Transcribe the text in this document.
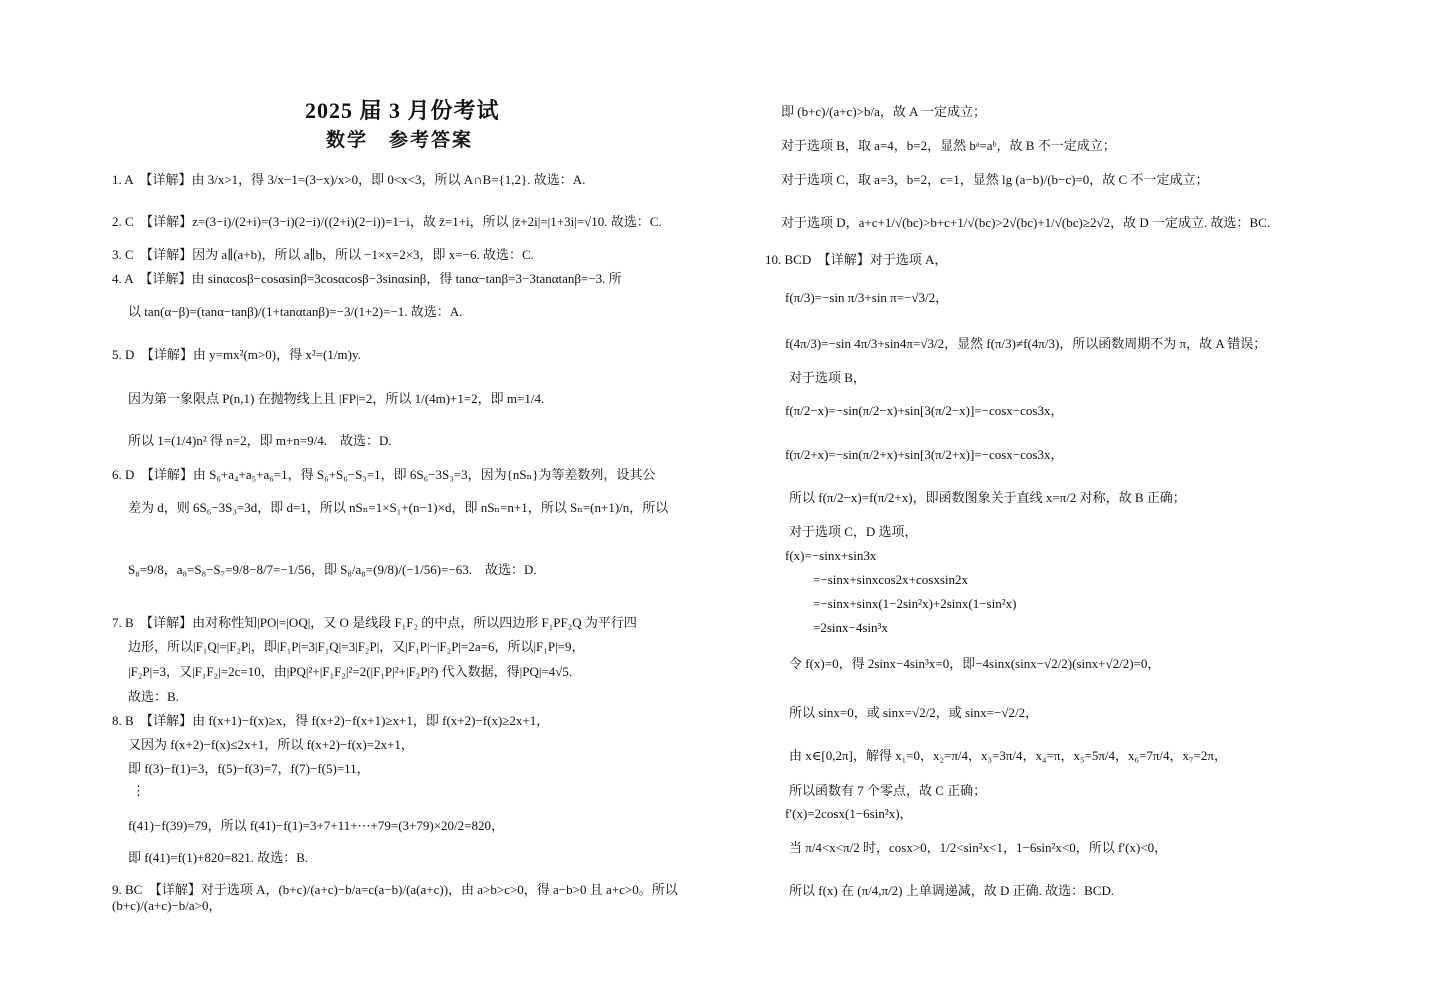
2025 届 3 月份考试
数学　参考答案
1. A　【详解】由 3/x>1，得 3/x−1=(3−x)/x>0，即 0<x<3，所以 A∩B={1,2}. 故选：A.
2. C　【详解】z=(3−i)/(2+i)=(3−i)(2−i)/((2+i)(2−i))=1−i，故 z̄=1+i，所以 |z̄+2i|=|1+3i|=√10. 故选：C.
3. C　【详解】因为 a∥(a+b)，所以 a∥b，所以 −1×x=2×3，即 x=−6. 故选：C.
4. A　【详解】由 sinαcosβ−cosαsinβ=3cosαcosβ−3sinαsinβ，得 tanα−tanβ=3−3tanαtanβ=−3. 所
以 tan(α−β)=(tanα−tanβ)/(1+tanαtanβ)=−3/(1+2)=−1. 故选：A.
5. D　【详解】由 y=mx²(m>0)，得 x²=(1/m)y.
因为第一象限点 P(n,1) 在抛物线上且 |FP|=2，所以 1/(4m)+1=2，即 m=1/4.
所以 1=(1/4)n² 得 n=2，即 m+n=9/4.　故选：D.
6. D　【详解】由 S₆+a₄+a₅+a₆=1，得 S₆+S₆−S₃=1，即 6S₆−3S₃=3，因为{nSₙ}为等差数列，设其公
差为 d，则 6S₆−3S₃=3d，即 d=1，所以 nSₙ=1×S₁+(n−1)×d，即 nSₙ=n+1，所以 Sₙ=(n+1)/n，所以
S₈=9/8，a₈=S₈−S₇=9/8−8/7=−1/56，即 S₈/a₈=(9/8)/(−1/56)=−63.　故选：D.
7. B　【详解】由对称性知|PO|=|OQ|，又 O 是线段 F₁F₂ 的中点，所以四边形 F₁PF₂Q 为平行四
边形，所以|F₁Q|=|F₂P|，即|F₁P|=3|F₁Q|=3|F₂P|，又|F₁P|−|F₂P|=2a=6，所以|F₁P|=9，
|F₂P|=3，又|F₁F₂|=2c=10，由|PQ|²+|F₁F₂|²=2(|F₁P|²+|F₂P|²) 代入数据，得|PQ|=4√5.
故选：B.
8. B　【详解】由 f(x+1)−f(x)≥x，得 f(x+2)−f(x+1)≥x+1，即 f(x+2)−f(x)≥2x+1，
又因为 f(x+2)−f(x)≤2x+1，所以 f(x+2)−f(x)=2x+1，
即 f(3)−f(1)=3，f(5)−f(3)=7，f(7)−f(5)=11，
⋮
f(41)−f(39)=79，所以 f(41)−f(1)=3+7+11+⋯+79=(3+79)×20/2=820，
即 f(41)=f(1)+820=821. 故选：B.
9. BC　【详解】对于选项 A，(b+c)/(a+c)−b/a=c(a−b)/(a(a+c))，由 a>b>c>0，得 a−b>0 且 a+c>0。所以 (b+c)/(a+c)−b/a>0，
即 (b+c)/(a+c)>b/a，故 A 一定成立；
对于选项 B，取 a=4，b=2，显然 bᵃ=aᵇ，故 B 不一定成立；
对于选项 C，取 a=3，b=2，c=1，显然 lg (a−b)/(b−c)=0，故 C 不一定成立；
对于选项 D，a+c+1/√(bc)>b+c+1/√(bc)>2√(bc)+1/√(bc)≥2√2，故 D 一定成立. 故选：BC.
10. BCD　【详解】对于选项 A，
f(π/3)=−sin π/3+sin π=−√3/2，
f(4π/3)=−sin 4π/3+sin4π=√3/2，显然 f(π/3)≠f(4π/3)，所以函数周期不为 π，故 A 错误；
对于选项 B，
f(π/2−x)=−sin(π/2−x)+sin[3(π/2−x)]=−cosx−cos3x，
f(π/2+x)=−sin(π/2+x)+sin[3(π/2+x)]=−cosx−cos3x，
所以 f(π/2−x)=f(π/2+x)，即函数图象关于直线 x=π/2 对称，故 B 正确；
对于选项 C，D 选项，
f(x)=−sinx+sin3x
=−sinx+sinxcos2x+cosxsin2x
=−sinx+sinx(1−2sin²x)+2sinx(1−sin²x)
=2sinx−4sin³x
令 f(x)=0，得 2sinx−4sin³x=0，即−4sinx(sinx−√2/2)(sinx+√2/2)=0，
所以 sinx=0，或 sinx=√2/2，或 sinx=−√2/2，
由 x∈[0,2π]，解得 x₁=0，x₂=π/4，x₃=3π/4，x₄=π，x₅=5π/4，x₆=7π/4，x₇=2π，
所以函数有 7 个零点，故 C 正确；
f′(x)=2cosx(1−6sin²x)，
当 π/4<x<π/2 时，cosx>0，1/2<sin²x<1，1−6sin²x<0，所以 f′(x)<0，
所以 f(x) 在 (π/4,π/2) 上单调递减，故 D 正确. 故选：BCD.
